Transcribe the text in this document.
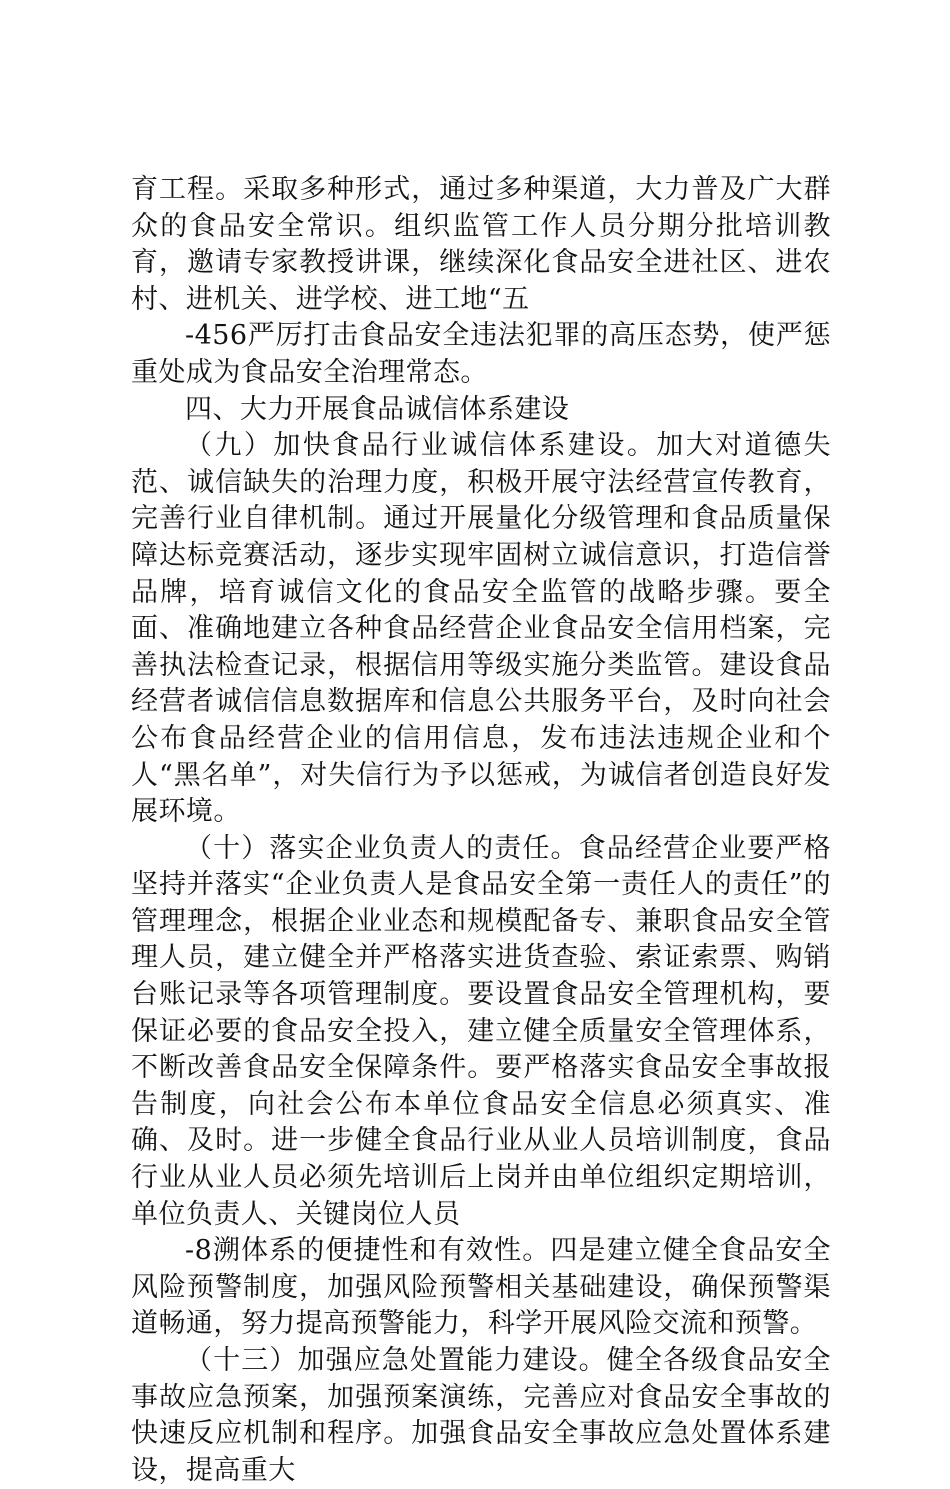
育工程。采取多种形式，通过多种渠道，大力普及广大群众的食品安全常识。组织监管工作人员分期分批培训教育，邀请专家教授讲课，继续深化食品安全进社区、进农村、进机关、进学校、进工地“五

-456严厉打击食品安全违法犯罪的高压态势，使严惩重处成为食品安全治理常态。

四、大力开展食品诚信体系建设

（九）加快食品行业诚信体系建设。加大对道德失范、诚信缺失的治理力度，积极开展守法经营宣传教育，完善行业自律机制。通过开展量化分级管理和食品质量保障达标竞赛活动，逐步实现牢固树立诚信意识，打造信誉品牌，培育诚信文化的食品安全监管的战略步骤。要全面、准确地建立各种食品经营企业食品安全信用档案，完善执法检查记录，根据信用等级实施分类监管。建设食品经营者诚信信息数据库和信息公共服务平台，及时向社会公布食品经营企业的信用信息，发布违法违规企业和个人“黑名单”，对失信行为予以惩戒，为诚信者创造良好发展环境。

（十）落实企业负责人的责任。食品经营企业要严格坚持并落实“企业负责人是食品安全第一责任人的责任”的管理理念，根据企业业态和规模配备专、兼职食品安全管理人员，建立健全并严格落实进货查验、索证索票、购销台账记录等各项管理制度。要设置食品安全管理机构，要保证必要的食品安全投入，建立健全质量安全管理体系，不断改善食品安全保障条件。要严格落实食品安全事故报告制度，向社会公布本单位食品安全信息必须真实、准确、及时。进一步健全食品行业从业人员培训制度，食品行业从业人员必须先培训后上岗并由单位组织定期培训，单位负责人、关键岗位人员

-8溯体系的便捷性和有效性。四是建立健全食品安全风险预警制度，加强风险预警相关基础建设，确保预警渠道畅通，努力提高预警能力，科学开展风险交流和预警。

（十三）加强应急处置能力建设。健全各级食品安全事故应急预案，加强预案演练，完善应对食品安全事故的快速反应机制和程序。加强食品安全事故应急处置体系建设，提高重大
